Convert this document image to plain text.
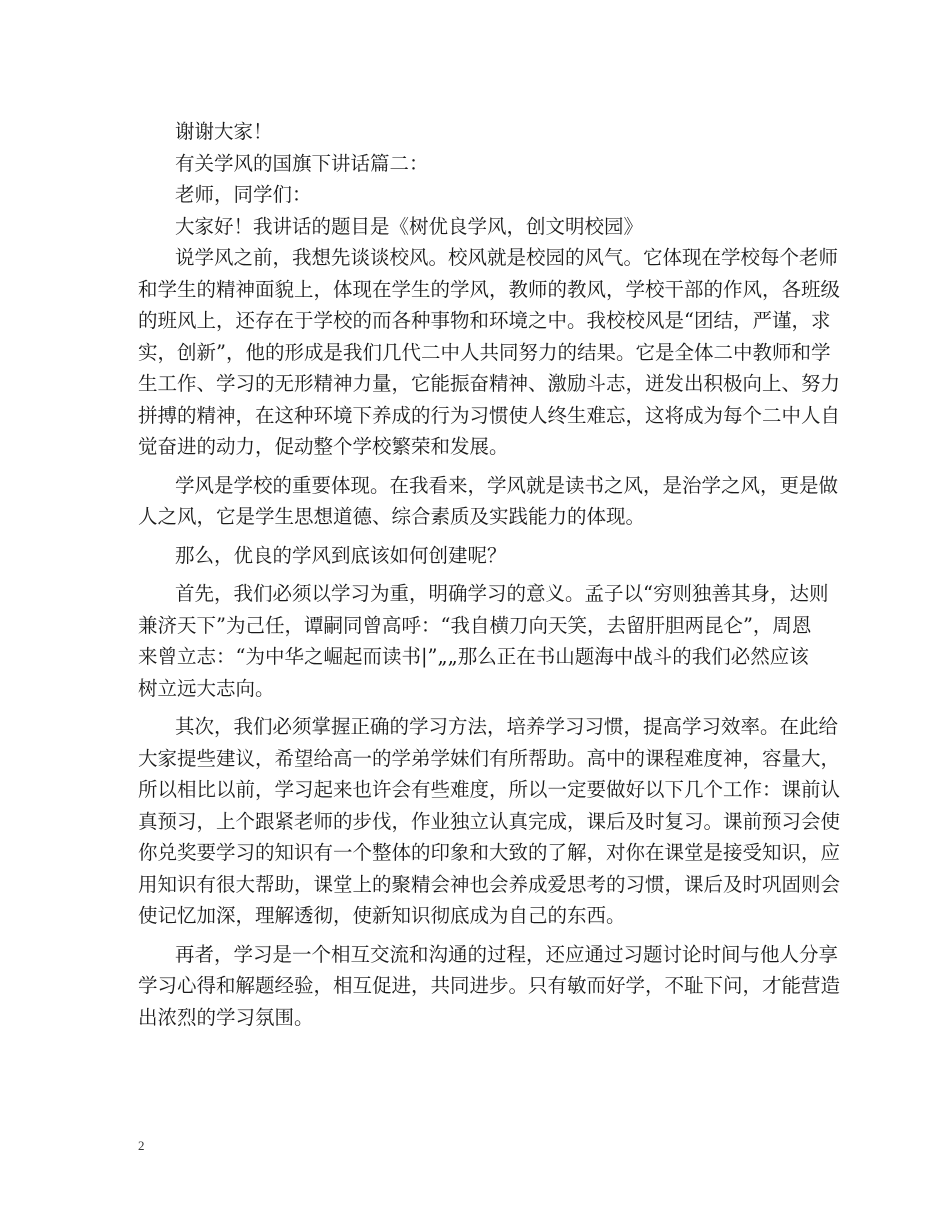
谢谢大家！

有关学风的国旗下讲话篇二：

老师，同学们：

大家好！我讲话的题目是《树优良学风，创文明校园》

说学风之前，我想先谈谈校风。校风就是校园的风气。它体现在学校每个老师

和学生的精神面貌上，体现在学生的学风，教师的教风，学校干部的作风，各班级

的班风上，还存在于学校的而各种事物和环境之中。我校校风是“团结，严谨，求

实，创新”，他的形成是我们几代二中人共同努力的结果。它是全体二中教师和学

生工作、学习的无形精神力量，它能振奋精神、激励斗志，迸发出积极向上、努力

拼搏的精神，在这种环境下养成的行为习惯使人终生难忘，这将成为每个二中人自

觉奋进的动力，促动整个学校繁荣和发展。

学风是学校的重要体现。在我看来，学风就是读书之风，是治学之风，更是做

人之风，它是学生思想道德、综合素质及实践能力的体现。

那么，优良的学风到底该如何创建呢？

首先，我们必须以学习为重，明确学习的意义。孟子以“穷则独善其身，达则

兼济天下”为己任，谭嗣同曾高呼：“我自横刀向天笑，去留肝胆两昆仑”，周恩

来曾立志：“为中华之崛起而读书|”„„那么正在书山题海中战斗的我们必然应该

树立远大志向。

其次，我们必须掌握正确的学习方法，培养学习习惯，提高学习效率。在此给

大家提些建议，希望给高一的学弟学妹们有所帮助。高中的课程难度神，容量大，

所以相比以前，学习起来也许会有些难度，所以一定要做好以下几个工作：课前认

真预习，上个跟紧老师的步伐，作业独立认真完成，课后及时复习。课前预习会使

你兑奖要学习的知识有一个整体的印象和大致的了解，对你在课堂是接受知识，应

用知识有很大帮助，课堂上的聚精会神也会养成爱思考的习惯，课后及时巩固则会

使记忆加深，理解透彻，使新知识彻底成为自己的东西。

再者，学习是一个相互交流和沟通的过程，还应通过习题讨论时间与他人分享

学习心得和解题经验，相互促进，共同进步。只有敏而好学，不耻下问，才能营造

出浓烈的学习氛围。

2
